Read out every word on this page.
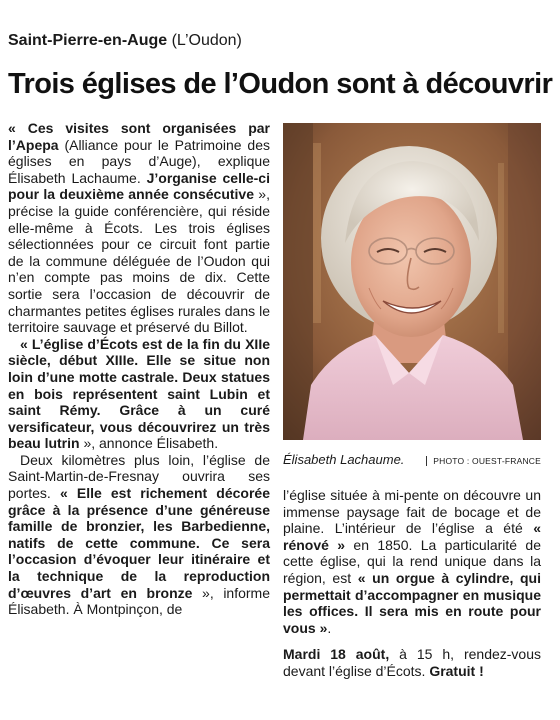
Saint-Pierre-en-Auge (L’Oudon)
Trois églises de l’Oudon sont à découvrir

« Ces visites sont organisées par l’Apepa (Alliance pour le Patrimoine des églises en pays d’Auge), explique Élisabeth Lachaume. J’organise celle-ci pour la deuxième année consécutive », précise la guide conférencière, qui réside elle-même à Écots. Les trois églises sélectionnées pour ce circuit font partie de la commune déléguée de l’Oudon qui n’en compte pas moins de dix. Cette sortie sera l’occasion de découvrir de charmantes petites églises rurales dans le territoire sauvage et préservé du Billot.

« L’église d’Écots est de la fin du XIIe siècle, début XIIIe. Elle se situe non loin d’une motte castrale. Deux statues en bois représentent saint Lubin et saint Rémy. Grâce à un curé versificateur, vous découvrirez un très beau lutrin », annonce Élisabeth.

Deux kilomètres plus loin, l’église de Saint-Martin-de-Fresnay ouvrira ses portes. « Elle est richement décorée grâce à la présence d’une généreuse famille de bronzier, les Barbedienne, natifs de cette commune. Ce sera l’occasion d’évoquer leur itinéraire et la technique de la reproduction d’œuvres d’art en bronze », informe Élisabeth. À Montpinçon, de

Élisabeth Lachaume.	PHOTO : OUEST-FRANCE

l’église située à mi-pente on découvre un immense paysage fait de bocage et de plaine. L’intérieur de l’église a été « rénové » en 1850. La particularité de cette église, qui la rend unique dans la région, est « un orgue à cylindre, qui permettait d’accompagner en musique les offices. Il sera mis en route pour vous ».

Mardi 18 août, à 15 h, rendez-vous devant l’église d’Écots. Gratuit !
